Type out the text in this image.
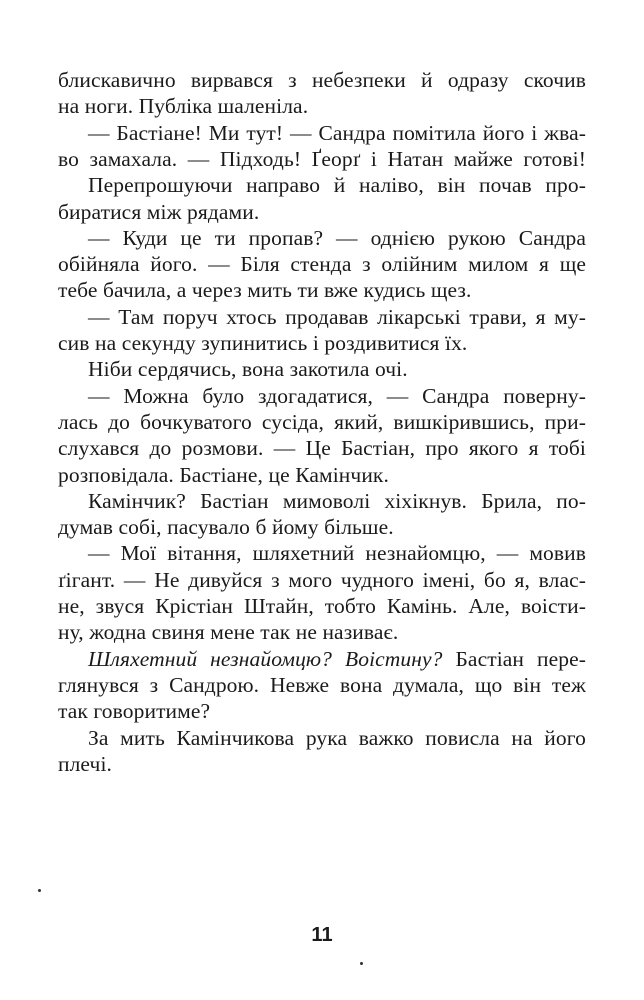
блискавично вирвався з небезпеки й одразу скочив
на ноги. Публіка шаленіла.
— Бастіане! Ми тут! — Сандра помітила його і жва-
во замахала. — Підходь! Ґеорґ і Натан майже готові!
Перепрошуючи направо й наліво, він почав про-
биратися між рядами.
— Куди це ти пропав? — однією рукою Сандра
обійняла його. — Біля стенда з олійним милом я ще
тебе бачила, а через мить ти вже кудись щез.
— Там поруч хтось продавав лікарські трави, я му-
сив на секунду зупинитись і роздивитися їх.
Ніби сердячись, вона закотила очі.
— Можна було здогадатися, — Сандра поверну-
лась до бочкуватого сусіда, який, вишкірившись, при-
слухався до розмови. — Це Бастіан, про якого я тобі
розповідала. Бастіане, це Камінчик.
Камінчик? Бастіан мимоволі хіхікнув. Брила, по-
думав собі, пасувало б йому більше.
— Мої вітання, шляхетний незнайомцю, — мовив
ґігант. — Не дивуйся з мого чудного імені, бо я, влас-
не, звуся Крістіан Штайн, тобто Камінь. Але, воісти-
ну, жодна свиня мене так не називає.
Шляхетний незнайомцю? Воістину? Бастіан пере-
глянувся з Сандрою. Невже вона думала, що він теж
так говоритиме?
За мить Камінчикова рука важко повисла на його
плечі.
11
